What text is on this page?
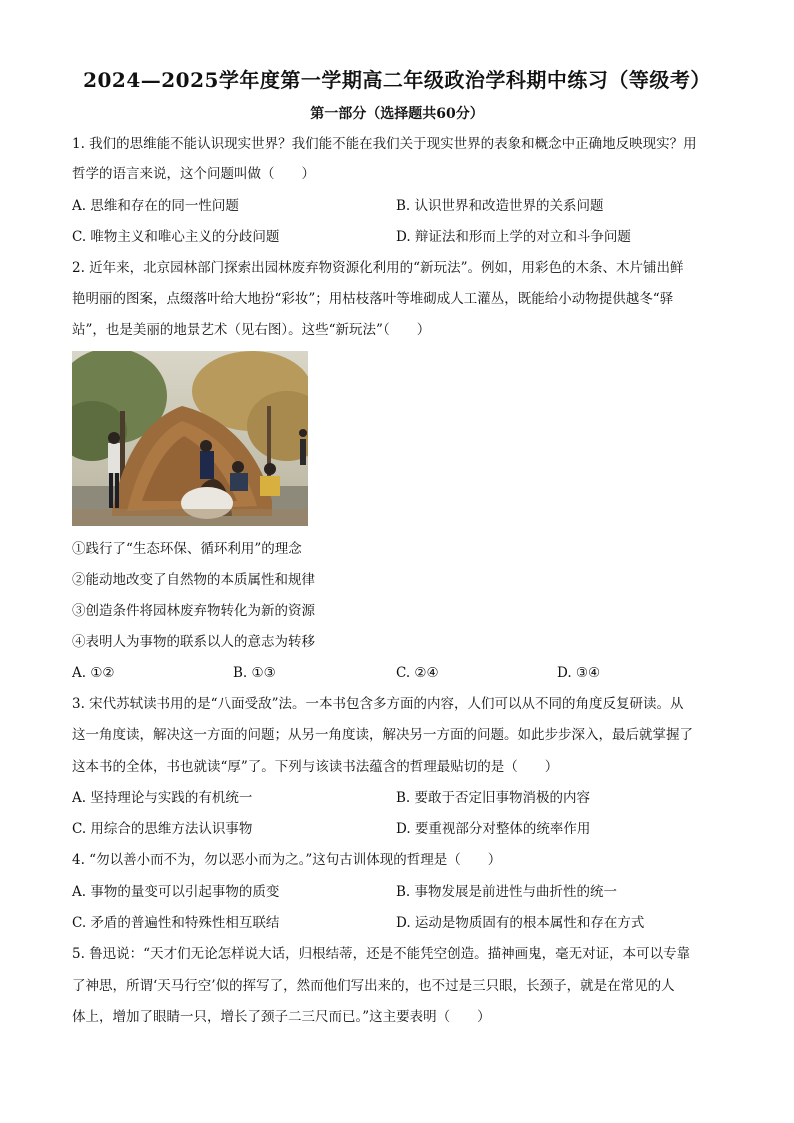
2024—2025学年度第一学期高二年级政治学科期中练习（等级考）
第一部分（选择题共60分）
1. 我们的思维能不能认识现实世界？我们能不能在我们关于现实世界的表象和概念中正确地反映现实？用
哲学的语言来说，这个问题叫做（　　）
A. 思维和存在的同一性问题	B. 认识世界和改造世界的关系问题
C. 唯物主义和唯心主义的分歧问题	D. 辩证法和形而上学的对立和斗争问题
2. 近年来，北京园林部门探索出园林废弃物资源化利用的“新玩法”。例如，用彩色的木条、木片铺出鲜
艳明丽的图案，点缀落叶给大地扮“彩妆”；用枯枝落叶等堆砌成人工灌丛，既能给小动物提供越冬“驿
站”，也是美丽的地景艺术（见右图）。这些“新玩法”（　　）
①践行了“生态环保、循环利用”的理念
②能动地改变了自然物的本质属性和规律
③创造条件将园林废弃物转化为新的资源
④表明人为事物的联系以人的意志为转移
A. ①②	B. ①③	C. ②④	D. ③④
3. 宋代苏轼读书用的是“八面受敌”法。一本书包含多方面的内容，人们可以从不同的角度反复研读。从
这一角度读，解决这一方面的问题；从另一角度读，解决另一方面的问题。如此步步深入，最后就掌握了
这本书的全体，书也就读“厚”了。下列与该读书法蕴含的哲理最贴切的是（　　）
A. 坚持理论与实践的有机统一	B. 要敢于否定旧事物消极的内容
C. 用综合的思维方法认识事物	D. 要重视部分对整体的统率作用
4. “勿以善小而不为，勿以恶小而为之。”这句古训体现的哲理是（　　）
A. 事物的量变可以引起事物的质变	B. 事物发展是前进性与曲折性的统一
C. 矛盾的普遍性和特殊性相互联结	D. 运动是物质固有的根本属性和存在方式
5. 鲁迅说：“天才们无论怎样说大话，归根结蒂，还是不能凭空创造。描神画鬼，毫无对证，本可以专靠
了神思，所谓‘天马行空’似的挥写了，然而他们写出来的，也不过是三只眼，长颈子，就是在常见的人
体上，增加了眼睛一只，增长了颈子二三尺而已。”这主要表明（　　）
